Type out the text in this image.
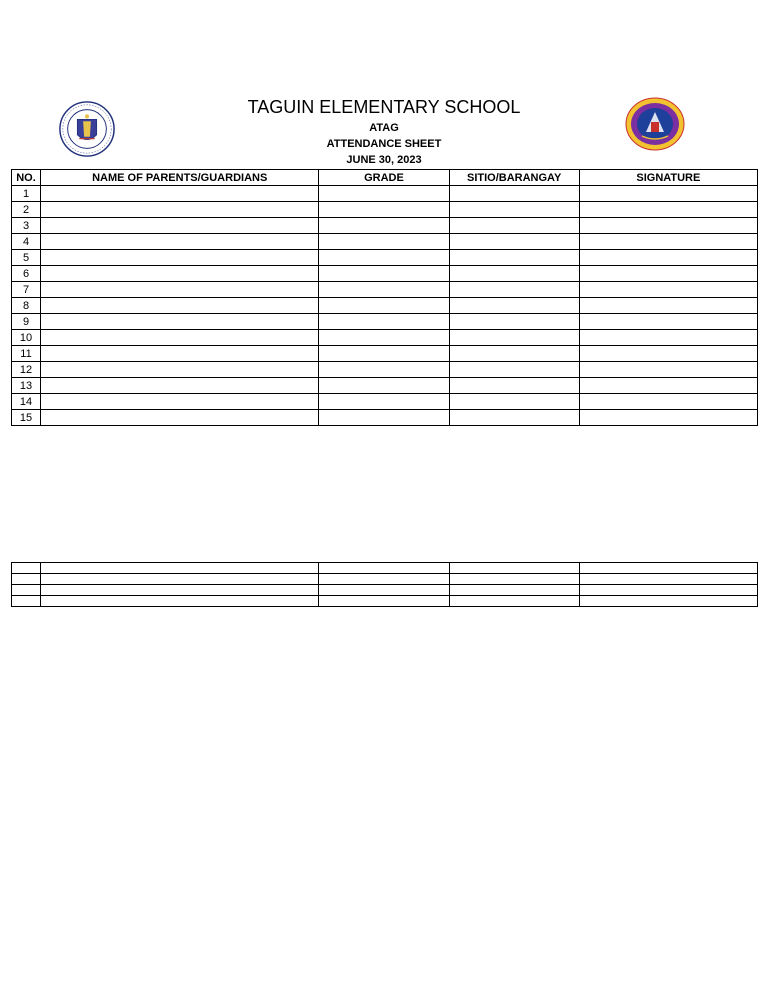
TAGUIN ELEMENTARY SCHOOL
ATAG
ATTENDANCE SHEET
JUNE 30, 2023
NO.	NAME OF PARENTS/GUARDIANS	GRADE	SITIO/BARANGAY	SIGNATURE
1				
2				
3				
4				
5				
6				
7				
8				
9				
10				
11				
12				
13				
14				
15				
